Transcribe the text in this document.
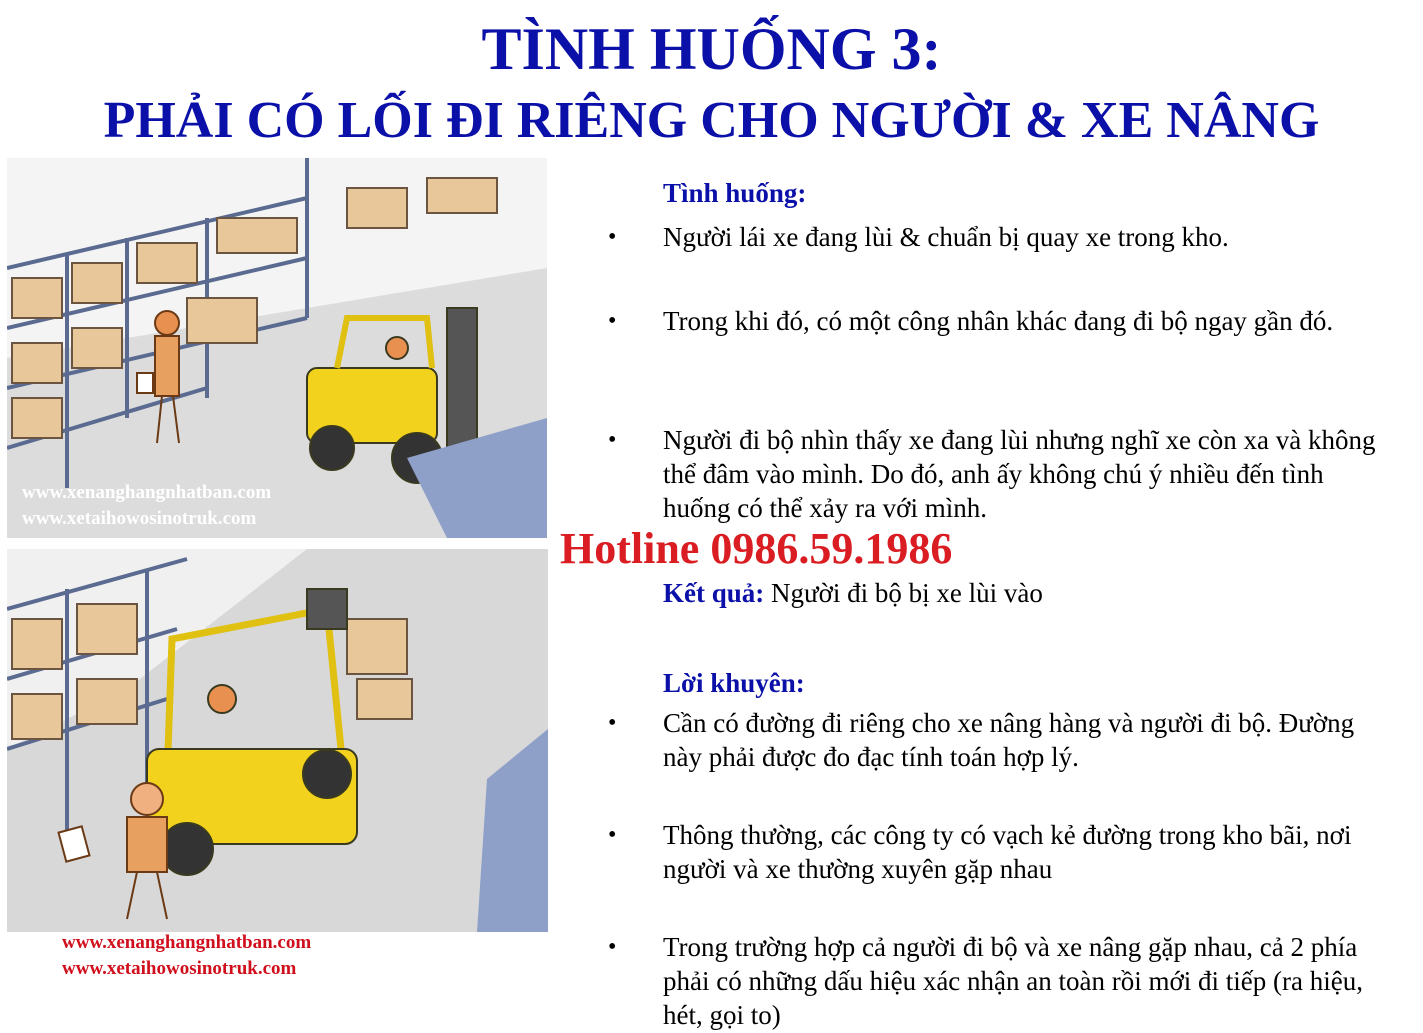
TÌNH HUỐNG 3:
PHẢI CÓ LỐI ĐI RIÊNG CHO NGƯỜI & XE NÂNG

www.xenanghangnhatban.com
www.xetaihowosinotruk.com

www.xenanghangnhatban.com
www.xetaihowosinotruk.com

Hotline 0986.59.1986

Tình huống:

• Người lái xe đang lùi & chuẩn bị quay xe trong kho.

• Trong khi đó, có một công nhân khác đang đi bộ ngay gần đó.

• Người đi bộ nhìn thấy xe đang lùi nhưng nghĩ xe còn xa và không thể đâm vào mình. Do đó, anh ấy không chú ý nhiều đến tình huống có thể xảy ra với mình.

Kết quả: Người đi bộ bị xe lùi vào

Lời khuyên:

• Cần có đường đi riêng cho xe nâng hàng và người đi bộ. Đường này phải được đo đạc tính toán hợp lý.

• Thông thường, các công ty có vạch kẻ đường trong kho bãi, nơi người và xe thường xuyên gặp nhau

• Trong trường hợp cả người đi bộ và xe nâng gặp nhau, cả 2 phía phải có những dấu hiệu xác nhận an toàn rồi mới đi tiếp (ra hiệu, hét, gọi to)
